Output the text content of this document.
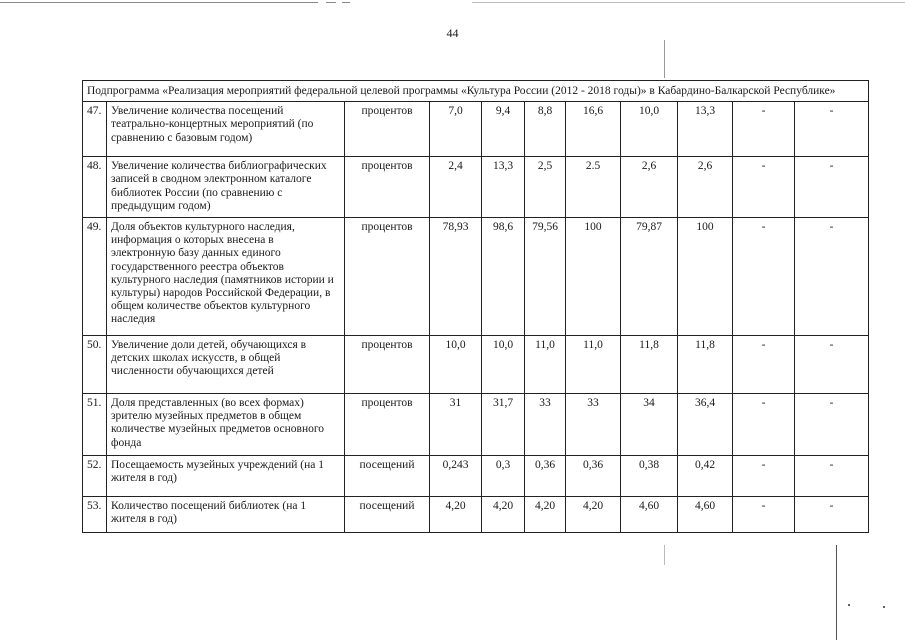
44
Подпрограмма «Реализация мероприятий федеральной целевой программы «Культура России (2012 - 2018 годы)» в Кабардино-Балкарской Республике»										
47.	Увеличение количества посещений театрально-концертных мероприятий (по сравнению с базовым годом)	процентов	7,0	9,4	8,8	16,6	10,0	13,3	-	-
48.	Увеличение количества библиографических записей в сводном электронном каталоге библиотек России (по сравнению с предыдущим годом)	процентов	2,4	13,3	2,5	2.5	2,6	2,6	-	-
49.	Доля объектов культурного наследия, информация о которых внесена в электронную базу данных единого государственного реестра объектов культурного наследия (памятников истории и культуры) народов Российской Федерации, в общем количестве объектов культурного наследия	процентов	78,93	98,6	79,56	100	79,87	100	-	-
50.	Увеличение доли детей, обучающихся в детских школах искусств, в общей численности обучающихся детей	процентов	10,0	10,0	11,0	11,0	11,8	11,8	-	-
51.	Доля представленных (во всех формах) зрителю музейных предметов в общем количестве музейных предметов основного фонда	процентов	31	31,7	33	33	34	36,4	-	-
52.	Посещаемость музейных учреждений (на 1 жителя в год)	посещений	0,243	0,3	0,36	0,36	0,38	0,42	-	-
53.	Количество посещений библиотек (на 1 жителя в год)	посещений	4,20	4,20	4,20	4,20	4,60	4,60	-	-
